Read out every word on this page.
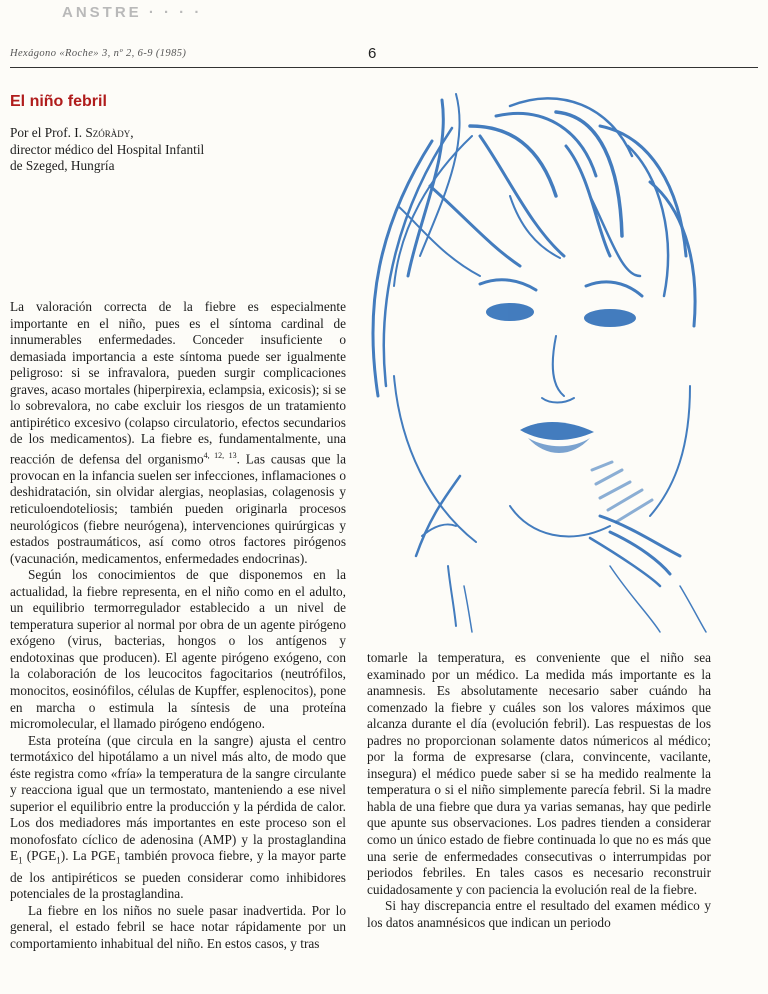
ANSTRE · · · ·
Hexágono «Roche» 3, nº 2, 6-9 (1985)	6
El niño febril
Por el Prof. I. Szóràdy,
director médico del Hospital Infantil
de Szeged, Hungría

La valoración correcta de la fiebre es especialmente importante en el niño, pues es el síntoma cardinal de innumerables enfermedades. Conceder insuficiente o demasiada importancia a este síntoma puede ser igualmente peligroso: si se infravalora, pueden surgir complicaciones graves, acaso mortales (hiperpirexia, eclampsia, exicosis); si se lo sobrevalora, no cabe excluir los riesgos de un tratamiento antipirético excesivo (colapso circulatorio, efectos secundarios de los medicamentos). La fiebre es, fundamentalmente, una reacción de defensa del organismo$^{4, 12, 13}$. Las causas que la provocan en la infancia suelen ser infecciones, inflamaciones o deshidratación, sin olvidar alergias, neoplasias, colagenosis y reticuloendoteliosis; también pueden originarla procesos neurológicos (fiebre neurógena), intervenciones quirúrgicas y estados postraumáticos, así como otros factores pirógenos (vacunación, medicamentos, enfermedades endocrinas).

Según los conocimientos de que disponemos en la actualidad, la fiebre representa, en el niño como en el adulto, un equilibrio termorregulador establecido a un nivel de temperatura superior al normal por obra de un agente pirógeno exógeno (virus, bacterias, hongos o los antígenos y endotoxinas que producen). El agente pirógeno exógeno, con la colaboración de los leucocitos fagocitarios (neutrófilos, monocitos, eosinófilos, células de Kupffer, esplenocitos), pone en marcha o estimula la síntesis de una proteína micromolecular, el llamado pirógeno endógeno.

Esta proteína (que circula en la sangre) ajusta el centro termotáxico del hipotálamo a un nivel más alto, de modo que éste registra como «fría» la temperatura de la sangre circulante y reacciona igual que un termostato, manteniendo a ese nivel superior el equilibrio entre la producción y la pérdida de calor. Los dos mediadores más importantes en este proceso son el monofosfato cíclico de adenosina (AMP) y la prostaglandina $E_1$ $(PGE_1)$. La $PGE_1$ también provoca fiebre, y la mayor parte de los antipiréticos se pueden considerar como inhibidores potenciales de la prostaglandina.

La fiebre en los niños no suele pasar inadvertida. Por lo general, el estado febril se hace notar rápidamente por un comportamiento inhabitual del niño. En estos casos, y tras

tomarle la temperatura, es conveniente que el niño sea examinado por un médico. La medida más importante es la anamnesis. Es absolutamente necesario saber cuándo ha comenzado la fiebre y cuáles son los valores máximos que alcanza durante el día (evolución febril). Las respuestas de los padres no proporcionan solamente datos númericos al médico; por la forma de expresarse (clara, convincente, vacilante, insegura) el médico puede saber si se ha medido realmente la temperatura o si el niño simplemente parecía febril. Si la madre habla de una fiebre que dura ya varias semanas, hay que pedirle que apunte sus observaciones. Los padres tienden a considerar como un único estado de fiebre continuada lo que no es más que una serie de enfermedades consecutivas o interrumpidas por periodos febriles. En tales casos es necesario reconstruir cuidadosamente y con paciencia la evolución real de la fiebre.

Si hay discrepancia entre el resultado del examen médico y los datos anamnésicos que indican un periodo
